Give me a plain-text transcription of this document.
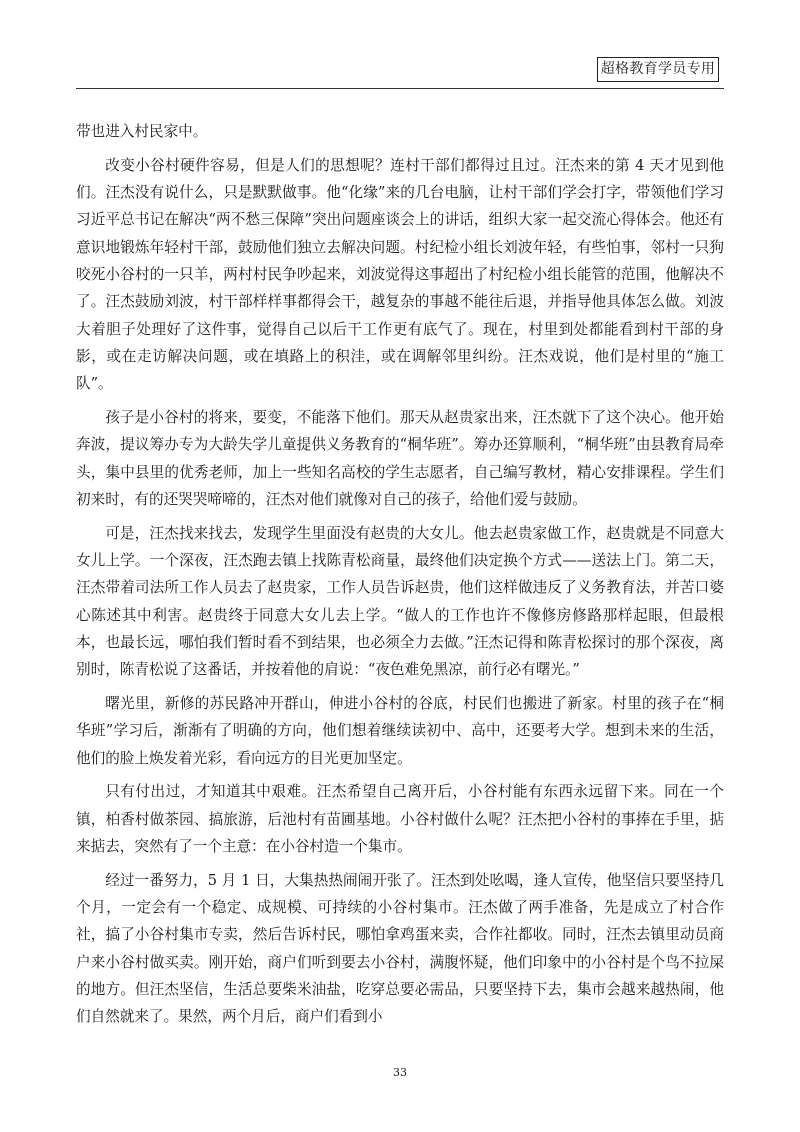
超格教育学员专用

带也进入村民家中。

改变小谷村硬件容易，但是人们的思想呢？连村干部们都得过且过。汪杰来的第 4 天才见到他们。汪杰没有说什么，只是默默做事。他“化缘”来的几台电脑，让村干部们学会打字，带领他们学习习近平总书记在解决“两不愁三保障”突出问题座谈会上的讲话，组织大家一起交流心得体会。他还有意识地锻炼年轻村干部，鼓励他们独立去解决问题。村纪检小组长刘波年轻，有些怕事，邻村一只狗咬死小谷村的一只羊，两村村民争吵起来，刘波觉得这事超出了村纪检小组长能管的范围，他解决不了。汪杰鼓励刘波，村干部样样事都得会干，越复杂的事越不能往后退，并指导他具体怎么做。刘波大着胆子处理好了这件事，觉得自己以后干工作更有底气了。现在，村里到处都能看到村干部的身影，或在走访解决问题，或在填路上的积洼，或在调解邻里纠纷。汪杰戏说，他们是村里的“施工队”。

孩子是小谷村的将来，要变，不能落下他们。那天从赵贵家出来，汪杰就下了这个决心。他开始奔波，提议筹办专为大龄失学儿童提供义务教育的“桐华班”。筹办还算顺利，“桐华班”由县教育局牵头，集中县里的优秀老师，加上一些知名高校的学生志愿者，自己编写教材，精心安排课程。学生们初来时，有的还哭哭啼啼的，汪杰对他们就像对自己的孩子，给他们爱与鼓励。

可是，汪杰找来找去，发现学生里面没有赵贵的大女儿。他去赵贵家做工作，赵贵就是不同意大女儿上学。一个深夜，汪杰跑去镇上找陈青松商量，最终他们决定换个方式——送法上门。第二天，汪杰带着司法所工作人员去了赵贵家，工作人员告诉赵贵，他们这样做违反了义务教育法，并苦口婆心陈述其中利害。赵贵终于同意大女儿去上学。“做人的工作也许不像修房修路那样起眼，但最根本，也最长远，哪怕我们暂时看不到结果，也必须全力去做。”汪杰记得和陈青松探讨的那个深夜，离别时，陈青松说了这番话，并按着他的肩说：“夜色难免黑凉，前行必有曙光。”

曙光里，新修的苏民路冲开群山，伸进小谷村的谷底，村民们也搬进了新家。村里的孩子在“桐华班”学习后，渐渐有了明确的方向，他们想着继续读初中、高中，还要考大学。想到未来的生活，他们的脸上焕发着光彩，看向远方的目光更加坚定。

只有付出过，才知道其中艰难。汪杰希望自己离开后，小谷村能有东西永远留下来。同在一个镇，柏香村做茶园、搞旅游，后池村有苗圃基地。小谷村做什么呢？汪杰把小谷村的事捧在手里，掂来掂去，突然有了一个主意：在小谷村造一个集市。

经过一番努力，5 月 1 日，大集热热闹闹开张了。汪杰到处吆喝，逢人宣传，他坚信只要坚持几个月，一定会有一个稳定、成规模、可持续的小谷村集市。汪杰做了两手准备，先是成立了村合作社，搞了小谷村集市专卖，然后告诉村民，哪怕拿鸡蛋来卖，合作社都收。同时，汪杰去镇里动员商户来小谷村做买卖。刚开始，商户们听到要去小谷村，满腹怀疑，他们印象中的小谷村是个鸟不拉屎的地方。但汪杰坚信，生活总要柴米油盐，吃穿总要必需品，只要坚持下去，集市会越来越热闹，他们自然就来了。果然，两个月后，商户们看到小

33
